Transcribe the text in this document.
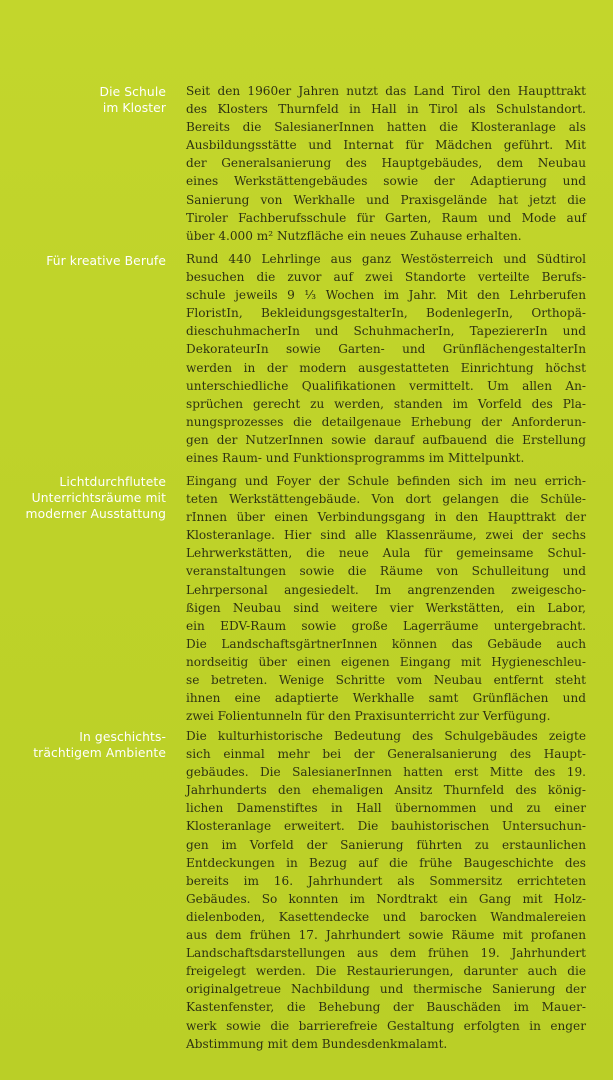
Die Schule
im Kloster
Seit den 1960er Jahren nutzt das Land Tirol den Haupttrakt
des Klosters Thurnfeld in Hall in Tirol als Schulstandort.
Bereits die SalesianerInnen hatten die Klosteranlage als
Ausbildungsstätte und Internat für Mädchen geführt. Mit
der Generalsanierung des Hauptgebäudes, dem Neubau
eines Werkstättengebäudes sowie der Adaptierung und
Sanierung von Werkhalle und Praxisgelände hat jetzt die
Tiroler Fachberufsschule für Garten, Raum und Mode auf
über 4.000 m² Nutzfläche ein neues Zuhause erhalten.
Für kreative Berufe Rund 440 Lehrlinge aus ganz Westösterreich und Südtirol
besuchen die zuvor auf zwei Standorte verteilte Berufs-
schule jeweils 9 ⅓ Wochen im Jahr. Mit den Lehrberufen
FloristIn, BekleidungsgestalterIn, BodenlegerIn, Orthopä-
dieschuhmacherIn und SchuhmacherIn, TapeziererIn und
DekorateurIn sowie Garten- und GrünflächengestalterIn
werden in der modern ausgestatteten Einrichtung höchst
unterschiedliche Qualifikationen vermittelt. Um allen An-
sprüchen gerecht zu werden, standen im Vorfeld des Pla-
nungsprozesses die detailgenaue Erhebung der Anforderun-
gen der NutzerInnen sowie darauf aufbauend die Erstellung
eines Raum- und Funktionsprogramms im Mittelpunkt.
Lichtdurchflutete
Unterrichtsräume mit
moderner Ausstattung
Eingang und Foyer der Schule befinden sich im neu errich-
teten Werkstättengebäude. Von dort gelangen die Schüle-
rInnen über einen Verbindungsgang in den Haupttrakt der
Klosteranlage. Hier sind alle Klassenräume, zwei der sechs
Lehrwerkstätten, die neue Aula für gemeinsame Schul-
veranstaltungen sowie die Räume von Schulleitung und
Lehrpersonal angesiedelt. Im angrenzenden zweigescho-
ßigen Neubau sind weitere vier Werkstätten, ein Labor,
ein EDV-Raum sowie große Lagerräume untergebracht.
Die LandschaftsgärtnerInnen können das Gebäude auch
nordseitig über einen eigenen Eingang mit Hygieneschleu-
se betreten. Wenige Schritte vom Neubau entfernt steht
ihnen eine adaptierte Werkhalle samt Grünflächen und
zwei Folientunneln für den Praxisunterricht zur Verfügung.
In geschichts-
trächtigem Ambiente
Die kulturhistorische Bedeutung des Schulgebäudes zeigte
sich einmal mehr bei der Generalsanierung des Haupt-
gebäudes. Die SalesianerInnen hatten erst Mitte des 19.
Jahrhunderts den ehemaligen Ansitz Thurnfeld des könig-
lichen Damenstiftes in Hall übernommen und zu einer
Klosteranlage erweitert. Die bauhistorischen Untersuchun-
gen im Vorfeld der Sanierung führten zu erstaunlichen
Entdeckungen in Bezug auf die frühe Baugeschichte des
bereits im 16. Jahrhundert als Sommersitz errichteten
Gebäudes. So konnten im Nordtrakt ein Gang mit Holz-
dielenboden, Kasettendecke und barocken Wandmalereien
aus dem frühen 17. Jahrhundert sowie Räume mit profanen
Landschaftsdarstellungen aus dem frühen 19. Jahrhundert
freigelegt werden. Die Restaurierungen, darunter auch die
originalgetreue Nachbildung und thermische Sanierung der
Kastenfenster, die Behebung der Bauschäden im Mauer-
werk sowie die barrierefreie Gestaltung erfolgten in enger
Abstimmung mit dem Bundesdenkmalamt.
